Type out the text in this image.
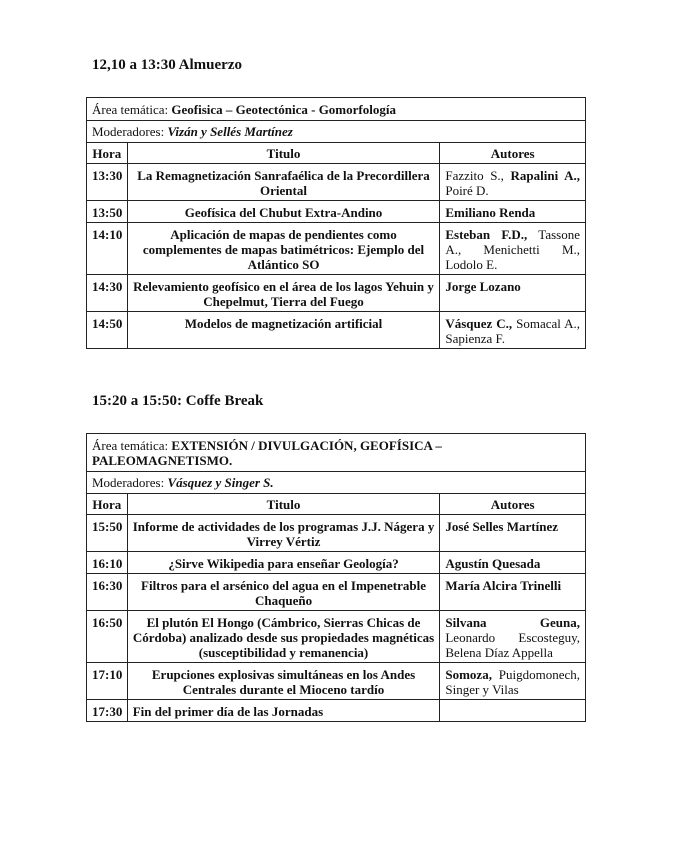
12,10 a 13:30 Almuerzo
Área temática: Geofisica – Geotectónica - Gomorfología		
Moderadores: Vizán y Sellés Martínez		
Hora	Titulo	Autores
13:30	La Remagnetización Sanrafaélica de la Precordillera Oriental	Fazzito S., Rapalini A., Poiré D.
13:50	Geofísica del Chubut Extra-Andino	Emiliano Renda
14:10	Aplicación de mapas de pendientes como complementes de mapas batimétricos: Ejemplo del Atlántico SO	Esteban F.D., Tassone A., Menichetti M., Lodolo E.
14:30	Relevamiento geofísico en el área de los lagos Yehuin y Chepelmut, Tierra del Fuego	Jorge Lozano
14:50	Modelos de magnetización artificial	Vásquez C., Somacal A., Sapienza F.
15:20 a 15:50: Coffe Break
Área temática: EXTENSIÓN / DIVULGACIÓN, GEOFÍSICA – PALEOMAGNETISMO.		
Moderadores: Vásquez y Singer S.		
Hora	Titulo	Autores
15:50	Informe de actividades de los programas J.J. Nágera y Virrey Vértiz	José Selles Martínez
16:10	¿Sirve Wikipedia para enseñar Geología?	Agustín Quesada
16:30	Filtros para el arsénico del agua en el Impenetrable Chaqueño	María Alcira Trinelli
16:50	El plutón El Hongo (Cámbrico, Sierras Chicas de Córdoba) analizado desde sus propiedades magnéticas (susceptibilidad y remanencia)	Silvana Geuna, Leonardo Escosteguy, Belena Díaz Appella
17:10	Erupciones explosivas simultáneas en los Andes Centrales durante el Mioceno tardío	Somoza, Puigdomonech, Singer y Vilas
17:30	Fin del primer día de las Jornadas	
